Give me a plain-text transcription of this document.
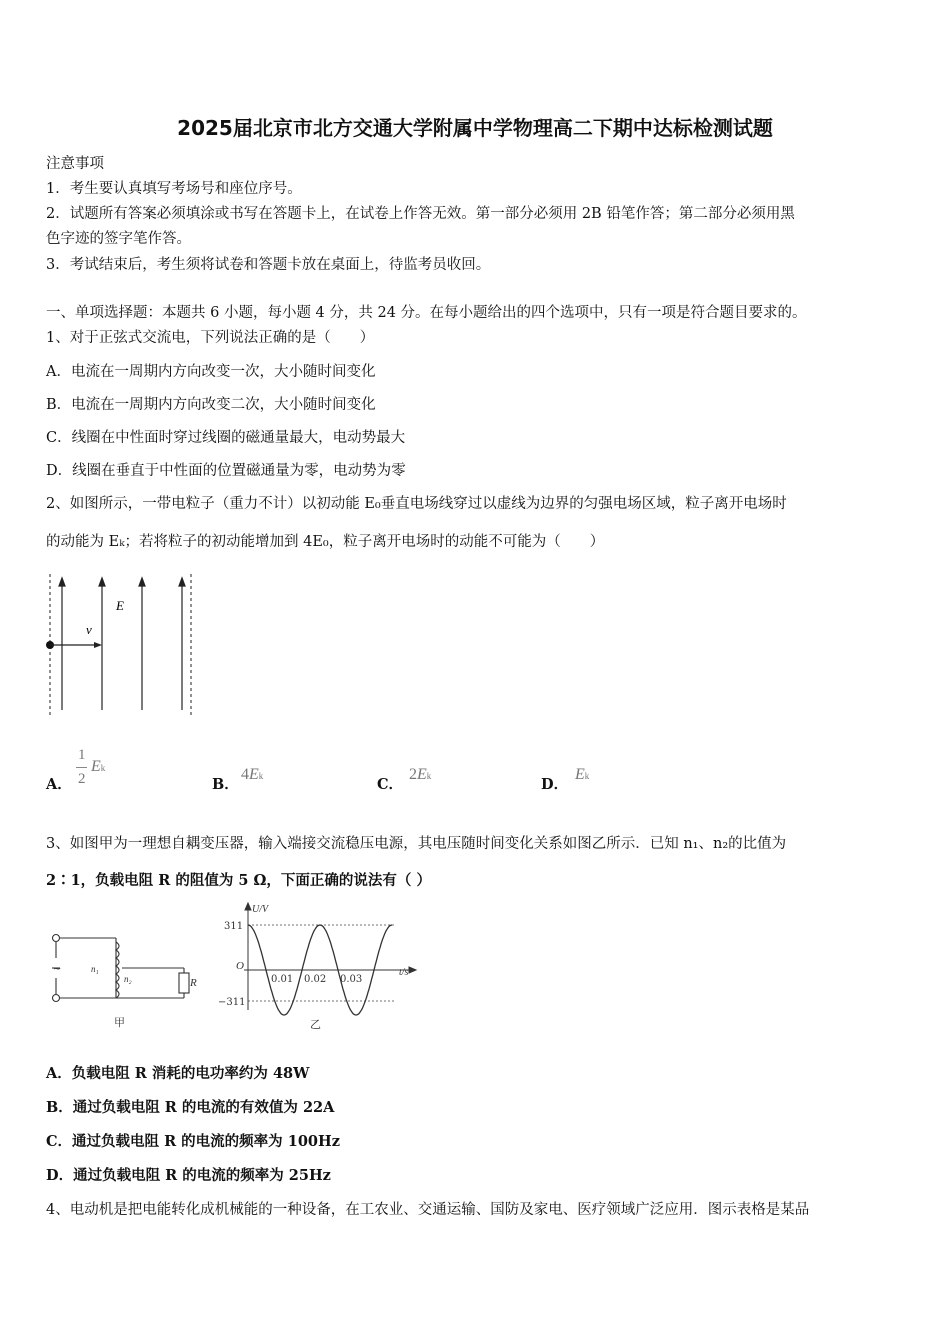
2025届北京市北方交通大学附属中学物理高二下期中达标检测试题
注意事项
1．考生要认真填写考场号和座位序号。
2．试题所有答案必须填涂或书写在答题卡上，在试卷上作答无效。第一部分必须用 2B 铅笔作答；第二部分必须用黑
色字迹的签字笔作答。
3．考试结束后，考生须将试卷和答题卡放在桌面上，待监考员收回。
一、单项选择题：本题共 6 小题，每小题 4 分，共 24 分。在每小题给出的四个选项中，只有一项是符合题目要求的。
1、对于正弦式交流电，下列说法正确的是（　　）
A．电流在一周期内方向改变一次，大小随时间变化
B．电流在一周期内方向改变二次，大小随时间变化
C．线圈在中性面时穿过线圈的磁通量最大，电动势最大
D．线圈在垂直于中性面的位置磁通量为零，电动势为零
2、如图所示，一带电粒子（重力不计）以初动能 E₀垂直电场线穿过以虚线为边界的匀强电场区域，粒子离开电场时
的动能为 Eₖ；若将粒子的初动能增加到 4E₀，粒子离开电场时的动能不可能为（　　）
v
E
A．
1
2
Ek
B．
4Ek	C．
2Ek	D．
Ek
3、如图甲为一理想自耦变压器，输入端接交流稳压电源，其电压随时间变化关系如图乙所示．已知 n₁、n₂的比值为
2∶1，负载电阻 R 的阻值为 5 Ω，下面正确的说法有（ ）
~	n₁
n₂	R
甲
U/V
t/s
311
O
−311
0.01 0.02 0.03
乙
A．负载电阻 R 消耗的电功率约为 48W
B．通过负载电阻 R 的电流的有效值为 22A
C．通过负载电阻 R 的电流的频率为 100Hz
D．通过负载电阻 R 的电流的频率为 25Hz
4、电动机是把电能转化成机械能的一种设备，在工农业、交通运输、国防及家电、医疗领域广泛应用．图示表格是某品
